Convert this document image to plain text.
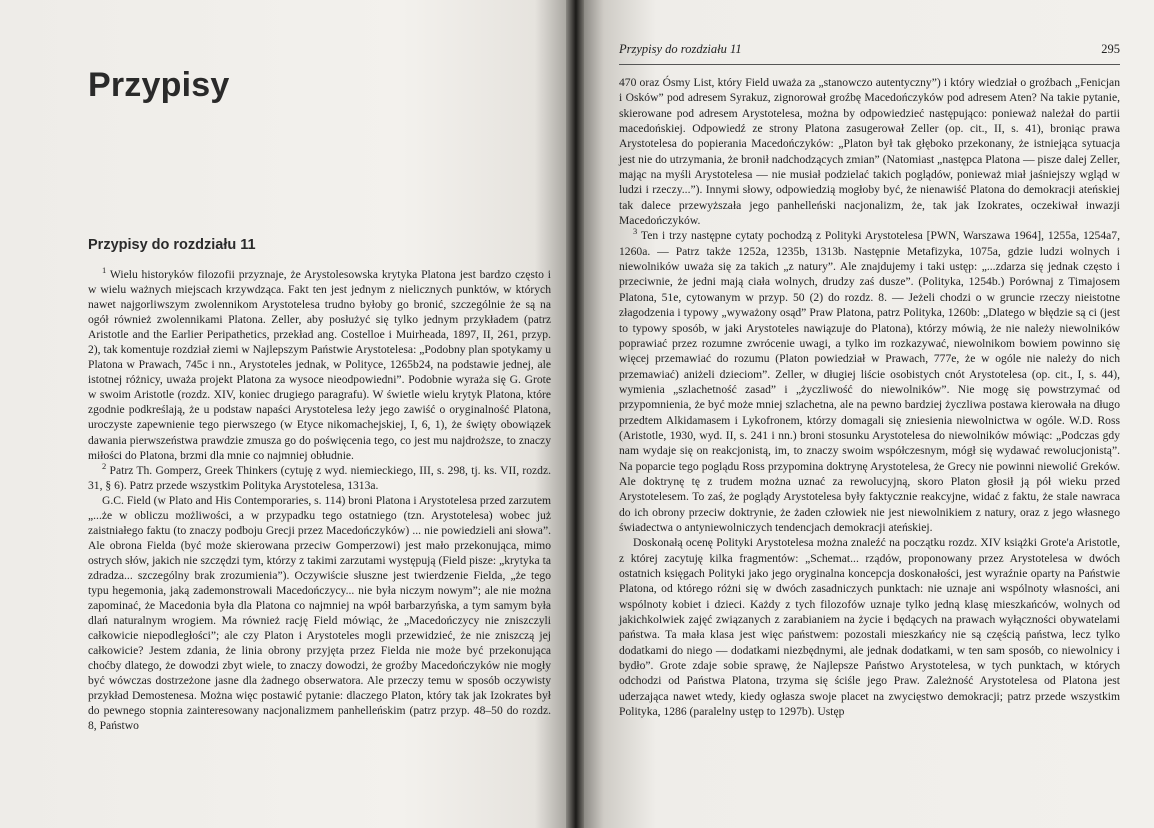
Przypisy
Przypisy do rozdziału 11

$^1$ Wielu historyków filozofii przyznaje, że Arystolesowska krytyka Platona jest bardzo często i w wielu ważnych miejscach krzywdząca. Fakt ten jest jednym z nielicznych punktów, w których nawet najgorliwszym zwolennikom Arystotelesa trudno byłoby go bronić, szczególnie że są na ogół również zwolennikami Platona. Zeller, aby posłużyć się tylko jednym przykładem (patrz Aristotle and the Earlier Peripathetics, przekład ang. Costelloe i Muirheada, 1897, II, 261, przyp. 2), tak komentuje rozdział ziemi w Najlepszym Państwie Arystotelesa: „Podobny plan spotykamy u Platona w Prawach, 745c i nn., Arystoteles jednak, w Polityce, 1265b24, na podstawie jednej, ale istotnej różnicy, uważa projekt Platona za wysoce nieodpowiedni”. Podobnie wyraża się G. Grote w swoim Aristotle (rozdz. XIV, koniec drugiego paragrafu). W świetle wielu krytyk Platona, które zgodnie podkreślają, że u podstaw napaści Arystotelesa leży jego zawiść o oryginalność Platona, uroczyste zapewnienie tego pierwszego (w Etyce nikomachejskiej, I, 6, 1), że święty obowiązek dawania pierwszeństwa prawdzie zmusza go do poświęcenia tego, co jest mu najdroższe, to znaczy miłości do Platona, brzmi dla mnie co najmniej obłudnie.

$^2$ Patrz Th. Gomperz, Greek Thinkers (cytuję z wyd. niemieckiego, III, s. 298, tj. ks. VII, rozdz. 31, § 6). Patrz przede wszystkim Polityka Arystotelesa, 1313a.

G.C. Field (w Plato and His Contemporaries, s. 114) broni Platona i Arystotelesa przed zarzutem „...że w obliczu możliwości, a w przypadku tego ostatniego (tzn. Arystotelesa) wobec już zaistniałego faktu (to znaczy podboju Grecji przez Macedończyków) ... nie powiedzieli ani słowa”. Ale obrona Fielda (być może skierowana przeciw Gomperzowi) jest mało przekonująca, mimo ostrych słów, jakich nie szczędzi tym, którzy z takimi zarzutami występują (Field pisze: „krytyka ta zdradza... szczególny brak zrozumienia”). Oczywiście słuszne jest twierdzenie Fielda, „że tego typu hegemonia, jaką zademonstrowali Macedończycy... nie była niczym nowym”; ale nie można zapominać, że Macedonia była dla Platona co najmniej na wpół barbarzyńska, a tym samym była dlań naturalnym wrogiem. Ma również rację Field mówiąc, że „Macedończycy nie zniszczyli całkowicie niepodległości”; ale czy Platon i Arystoteles mogli przewidzieć, że nie zniszczą jej całkowicie? Jestem zdania, że linia obrony przyjęta przez Fielda nie może być przekonująca choćby dlatego, że dowodzi zbyt wiele, to znaczy dowodzi, że groźby Macedończyków nie mogły być wówczas dostrzeżone jasne dla żadnego obserwatora. Ale przeczy temu w sposób oczywisty przykład Demostenesa. Można więc postawić pytanie: dlaczego Platon, który tak jak Izokrates był do pewnego stopnia zainteresowany nacjonalizmem panhelleńskim (patrz przyp. 48–50 do rozdz. 8, Państwo

Przypisy do rozdziału 11	295

470 oraz Ósmy List, który Field uważa za „stanowczo autentyczny”) i który wiedział o groźbach „Fenicjan i Osków” pod adresem Syrakuz, zignorował groźbę Macedończyków pod adresem Aten? Na takie pytanie, skierowane pod adresem Arystotelesa, można by odpowiedzieć następująco: ponieważ należał do partii macedońskiej. Odpowiedź ze strony Platona zasugerował Zeller (op. cit., II, s. 41), broniąc prawa Arystotelesa do popierania Macedończyków: „Platon był tak głęboko przekonany, że istniejąca sytuacja jest nie do utrzymania, że bronił nadchodzących zmian” (Natomiast „następca Platona — pisze dalej Zeller, mając na myśli Arystotelesa — nie musiał podzielać takich poglądów, ponieważ miał jaśniejszy wgląd w ludzi i rzeczy...”). Innymi słowy, odpowiedzią mogłoby być, że nienawiść Platona do demokracji ateńskiej tak dalece przewyższała jego panhelleński nacjonalizm, że, tak jak Izokrates, oczekiwał inwazji Macedończyków.

$^3$ Ten i trzy następne cytaty pochodzą z Polityki Arystotelesa [PWN, Warszawa 1964], 1255a, 1254a7, 1260a. — Patrz także 1252a, 1235b, 1313b. Następnie Metafizyka, 1075a, gdzie ludzi wolnych i niewolników uważa się za takich „z natury”. Ale znajdujemy i taki ustęp: „...zdarza się jednak często i przeciwnie, że jedni mają ciała wolnych, drudzy zaś dusze”. (Polityka, 1254b.) Porównaj z Timajosem Platona, 51e, cytowanym w przyp. 50 (2) do rozdz. 8. — Jeżeli chodzi o w gruncie rzeczy nieistotne złagodzenia i typowy „wyważony osąd” Praw Platona, patrz Polityka, 1260b: „Dlatego w błędzie są ci (jest to typowy sposób, w jaki Arystoteles nawiązuje do Platona), którzy mówią, że nie należy niewolników poprawiać przez rozumne zwrócenie uwagi, a tylko im rozkazywać, niewolnikom bowiem powinno się więcej przemawiać do rozumu (Platon powiedział w Prawach, 777e, że w ogóle nie należy do nich przemawiać) aniżeli dzieciom”. Zeller, w długiej liście osobistych cnót Arystotelesa (op. cit., I, s. 44), wymienia „szlachetność zasad” i „życzliwość do niewolników”. Nie mogę się powstrzymać od przypomnienia, że być może mniej szlachetna, ale na pewno bardziej życzliwa postawa kierowała na długo przedtem Alkidamasem i Lykofronem, którzy domagali się zniesienia niewolnictwa w ogóle. W.D. Ross (Aristotle, 1930, wyd. II, s. 241 i nn.) broni stosunku Arystotelesa do niewolników mówiąc: „Podczas gdy nam wydaje się on reakcjonistą, im, to znaczy swoim współczesnym, mógł się wydawać rewolucjonistą”. Na poparcie tego poglądu Ross przypomina doktrynę Arystotelesa, że Grecy nie powinni niewolić Greków. Ale doktrynę tę z trudem można uznać za rewolucyjną, skoro Platon głosił ją pół wieku przed Arystotelesem. To zaś, że poglądy Arystotelesa były faktycznie reakcyjne, widać z faktu, że stale nawraca do ich obrony przeciw doktrynie, że żaden człowiek nie jest niewolnikiem z natury, oraz z jego własnego świadectwa o antyniewolniczych tendencjach demokracji ateńskiej.

Doskonałą ocenę Polityki Arystotelesa można znaleźć na początku rozdz. XIV książki Grote'a Aristotle, z której zacytuję kilka fragmentów: „Schemat... rządów, proponowany przez Arystotelesa w dwóch ostatnich księgach Polityki jako jego oryginalna koncepcja doskonałości, jest wyraźnie oparty na Państwie Platona, od którego różni się w dwóch zasadniczych punktach: nie uznaje ani wspólnoty własności, ani wspólnoty kobiet i dzieci. Każdy z tych filozofów uznaje tylko jedną klasę mieszkańców, wolnych od jakichkolwiek zajęć związanych z zarabianiem na życie i będących na prawach wyłączności obywatelami państwa. Ta mała klasa jest więc państwem: pozostali mieszkańcy nie są częścią państwa, lecz tylko dodatkami do niego — dodatkami niezbędnymi, ale jednak dodatkami, w ten sam sposób, co niewolnicy i bydło”. Grote zdaje sobie sprawę, że Najlepsze Państwo Arystotelesa, w tych punktach, w których odchodzi od Państwa Platona, trzyma się ściśle jego Praw. Zależność Arystotelesa od Platona jest uderzająca nawet wtedy, kiedy ogłasza swoje placet na zwycięstwo demokracji; patrz przede wszystkim Polityka, 1286 (paralelny ustęp to 1297b). Ustęp
